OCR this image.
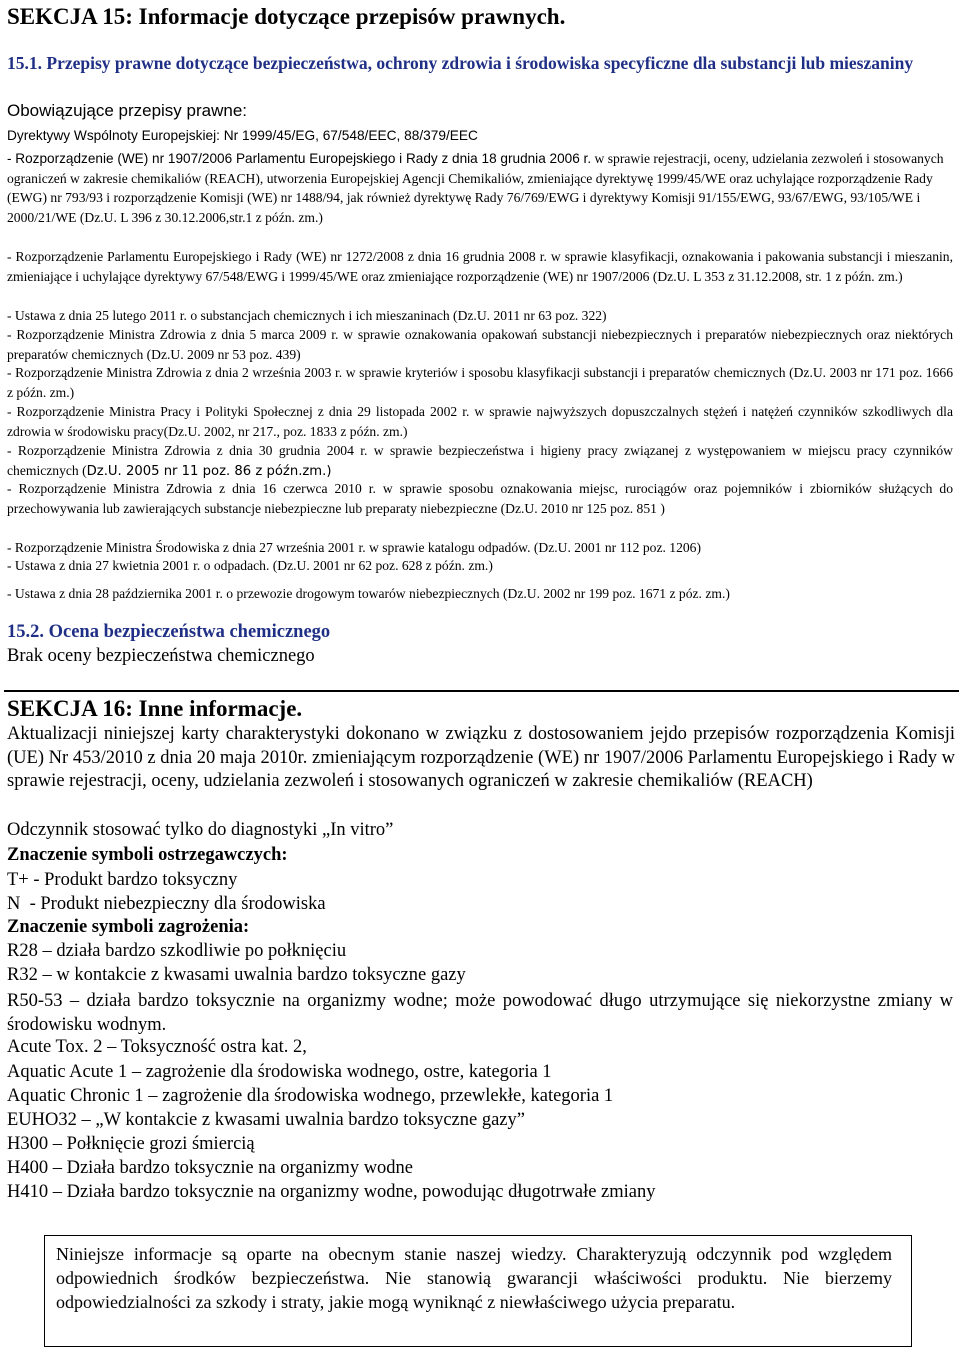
SEKCJA 15: Informacje dotyczące przepisów prawnych.
15.1. Przepisy prawne dotyczące bezpieczeństwa, ochrony zdrowia i środowiska specyficzne dla substancji lub mieszaniny
Obowiązujące przepisy prawne:
Dyrektywy Wspólnoty Europejskiej: Nr 1999/45/EG, 67/548/EEC, 88/379/EEC
- Rozporządzenie (WE) nr 1907/2006 Parlamentu Europejskiego i Rady z dnia 18 grudnia 2006 r. w sprawie rejestracji, oceny, udzielania zezwoleń i stosowanych ograniczeń w zakresie chemikaliów (REACH), utworzenia Europejskiej Agencji Chemikaliów, zmieniające dyrektywę 1999/45/WE oraz uchylające rozporządzenie Rady (EWG) nr 793/93 i rozporządzenie Komisji (WE) nr 1488/94, jak również dyrektywę Rady 76/769/EWG i dyrektywy Komisji 91/155/EWG, 93/67/EWG, 93/105/WE i 2000/21/WE (Dz.U. L 396 z 30.12.2006,str.1 z późn. zm.)
- Rozporządzenie Parlamentu Europejskiego i Rady (WE) nr 1272/2008 z dnia 16 grudnia 2008 r. w sprawie klasyfikacji, oznakowania i pakowania substancji i mieszanin, zmieniające i uchylające dyrektywy 67/548/EWG i 1999/45/WE oraz zmieniające rozporządzenie (WE) nr 1907/2006 (Dz.U. L 353 z 31.12.2008, str. 1 z późn. zm.)
- Ustawa z dnia 25 lutego 2011 r. o substancjach chemicznych i ich mieszaninach (Dz.U. 2011 nr 63 poz. 322)
- Rozporządzenie Ministra Zdrowia z dnia 5 marca 2009 r. w sprawie oznakowania opakowań substancji niebezpiecznych i preparatów niebezpiecznych oraz niektórych preparatów chemicznych (Dz.U. 2009 nr 53 poz. 439)
- Rozporządzenie Ministra Zdrowia z dnia 2 września 2003 r. w sprawie kryteriów i sposobu klasyfikacji substancji i preparatów chemicznych (Dz.U. 2003 nr 171 poz. 1666 z późn. zm.)
- Rozporządzenie Ministra Pracy i Polityki Społecznej z dnia 29 listopada 2002 r. w sprawie najwyższych dopuszczalnych stężeń i natężeń czynników szkodliwych dla zdrowia w środowisku pracy(Dz.U. 2002, nr 217., poz. 1833 z późn. zm.)
- Rozporządzenie Ministra Zdrowia z dnia 30 grudnia 2004 r. w sprawie bezpieczeństwa i higieny pracy związanej z występowaniem w miejscu pracy czynników chemicznych (Dz.U. 2005 nr 11 poz. 86 z późn.zm.)
- Rozporządzenie Ministra Zdrowia z dnia 16 czerwca 2010 r. w sprawie sposobu oznakowania miejsc, rurociągów oraz pojemników i zbiorników służących do przechowywania lub zawierających substancje niebezpieczne lub preparaty niebezpieczne (Dz.U. 2010 nr 125 poz. 851 )
- Rozporządzenie Ministra Środowiska z dnia 27 września 2001 r. w sprawie katalogu odpadów. (Dz.U. 2001 nr 112 poz. 1206)
- Ustawa z dnia 27 kwietnia 2001 r. o odpadach. (Dz.U. 2001 nr 62 poz. 628 z późn. zm.)
- Ustawa z dnia 28 października 2001 r. o przewozie drogowym towarów niebezpiecznych (Dz.U. 2002 nr 199 poz. 1671 z póz. zm.)
15.2. Ocena bezpieczeństwa chemicznego
Brak oceny bezpieczeństwa chemicznego
SEKCJA 16: Inne informacje.
Aktualizacji niniejszej karty charakterystyki dokonano w związku z dostosowaniem jejdo przepisów rozporządzenia Komisji (UE) Nr 453/2010 z dnia 20 maja 2010r. zmieniającym rozporządzenie (WE) nr 1907/2006 Parlamentu Europejskiego i Rady w sprawie rejestracji, oceny, udzielania zezwoleń i stosowanych ograniczeń w zakresie chemikaliów (REACH)
Odczynnik stosować tylko do diagnostyki „In vitro”
Znaczenie symboli ostrzegawczych:
T+ - Produkt bardzo toksyczny
N  - Produkt niebezpieczny dla środowiska
Znaczenie symboli zagrożenia:
R28 – działa bardzo szkodliwie po połknięciu
R32 – w kontakcie z kwasami uwalnia bardzo toksyczne gazy
R50-53 – działa bardzo toksycznie na organizmy wodne; może powodować długo utrzymujące się niekorzystne zmiany w środowisku wodnym.
Acute Tox. 2 – Toksyczność ostra kat. 2,
Aquatic Acute 1 – zagrożenie dla środowiska wodnego, ostre, kategoria 1
Aquatic Chronic 1 – zagrożenie dla środowiska wodnego, przewlekłe, kategoria 1
EUHO32 – „W kontakcie z kwasami uwalnia bardzo toksyczne gazy”
H300 – Połknięcie grozi śmiercią
H400 – Działa bardzo toksycznie na organizmy wodne
H410 – Działa bardzo toksycznie na organizmy wodne, powodując długotrwałe zmiany
Niniejsze informacje są oparte na obecnym stanie naszej wiedzy. Charakteryzują odczynnik pod względem odpowiednich środków bezpieczeństwa. Nie stanowią gwarancji właściwości produktu. Nie bierzemy odpowiedzialności za szkody i straty, jakie mogą wyniknąć z niewłaściwego użycia preparatu.
